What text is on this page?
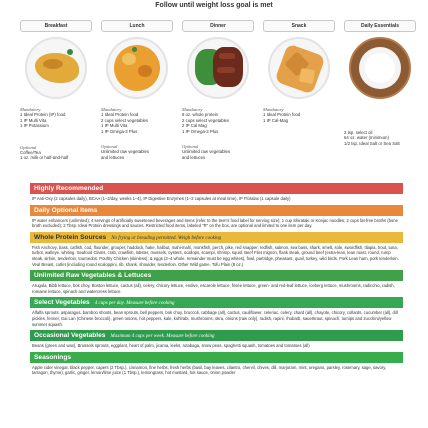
Follow until weight loss goal is met
Breakfast
Mandatory
1 Ideal Protein (IP) food
1 IP Multi Vita
1 IP Potassium
Optional
Coffee/Tea
1 oz. milk or half-and-half
Lunch
Mandatory
1 Ideal Protein food
2 cups select vegetables
1 IP Multi Vita
1 IP Omega-3 Plus
Optional
Unlimited raw vegetables
and lettuces
Dinner
Mandatory
8 oz. whole protein
2 cups select vegetables
2 IP Cal Mag
1 IP Omega-3 Plus
Optional
Unlimited raw vegetables
and lettuces
Snack
Mandatory
1 Ideal Protein food
1 IP Cal-Mag
Daily Essentials
2 tsp. select oil
64 oz. water (minimum)
1/2 tsp. Ideal Salt or Sea Salt
Highly Recommended
IP Anti-Oxy (2 capsules daily), BCAA (1–2/day, weeks 1–4), IP Digestive Enzymes (1–2 capsules at meal time), IP Floralax (1 capsule daily)
Daily Optional Items
IP water enhancers (unlimited); 4 servings of artificially sweetened beverages and items (refer to the item's food label for serving size); 1 cup Shirataki or Konjac noodles; 2 cups fat-free broths (bone broth excluded); 2 Tbsp. Ideal Protein dressings and sauces. Restricted food items, labeled "R" on the box, are optional and limited to one item per day.
Whole Protein Sources No frying or breading permitted. Weigh before cooking
Fish Anchovy, bass, catfish, cod, flounder, grouper, haddock, hake, halibut, mahi-mahi, monkfish, perch, pike, red snapper, redfish, salmon, sea bass, shark, smelt, sole, swordfish, tilapia, trout, tuna, turbot, walleye, whiting. Seafood Clams, crab, crawfish, lobster, mussels, oysters, scallops, scampi, shrimp, squid. Beef Filet mignon, flank steak, ground beef (extra-lean, lean roast, round, rump steak, sirloin, tenderloin, tournedos. Poultry Chicken (skinless), & eggs (2–4 whole, remainder must be egg whites), fowl, partridge, pheasant, quail, turkey, wild birds. Pork Lean ham, pork tenderloin. Veal Breast, cutlet (including round scaloppini, rib, shank, shoulder, tenderloin. Other Wild game. Tofu Plain (8 oz.)
Unlimited Raw Vegetables & Lettuces
Arugula, Bibb lettuce, bok choy, Boston lettuce, cactus (all), celery, chicory lettuce, endive, escarole lettuce, frisée lettuce, green- and red-leaf lettuce, iceberg lettuce, mushrooms, radicchio, radish, romaine lettuce, spinach and watercress lettuce.
Select Vegetables 4 cups per day. Measure before cooking
Alfalfa sprouts, asparagus, bamboo shoots, bean sprouts, bell peppers, bok choy, broccoli, cabbage (all), cactus, cauliflower, celeriac, celery, chard (all), chayote, chicory, collards, cucumber (all), dill pickles, fennel, Gai Lan (Chinese broccoli), green onions, hot peppers, kale, kohlrabi, mushrooms, okra, onions (raw only), radish, rapini, rhubarb, sauerkraut, spinach, turnips and zucchini/yellow summer squash.
Occasional Vegetables Maximum 4 cups per week. Measure before cooking
Beans (green and wax), Brussels sprouts, eggplant, heart of palm, jicama, leeks, rutabaga, snow peas, spaghetti squash, tomatoes and tomatoes (all)
Seasonings
Apple cider vinegar, black pepper, capers (2 Tbsp.), cinnamon, fine herbs, fresh herbs (basil, bay leaves, cilantro, chervil, chives, dill, marjoram, mint, oregano, parsley, rosemary, sage, savory, tarragon, thyme), garlic, ginger, lemon/lime juice (1 Tbsp.), lemongrass, hot mustard, hot sauce, onion powder
